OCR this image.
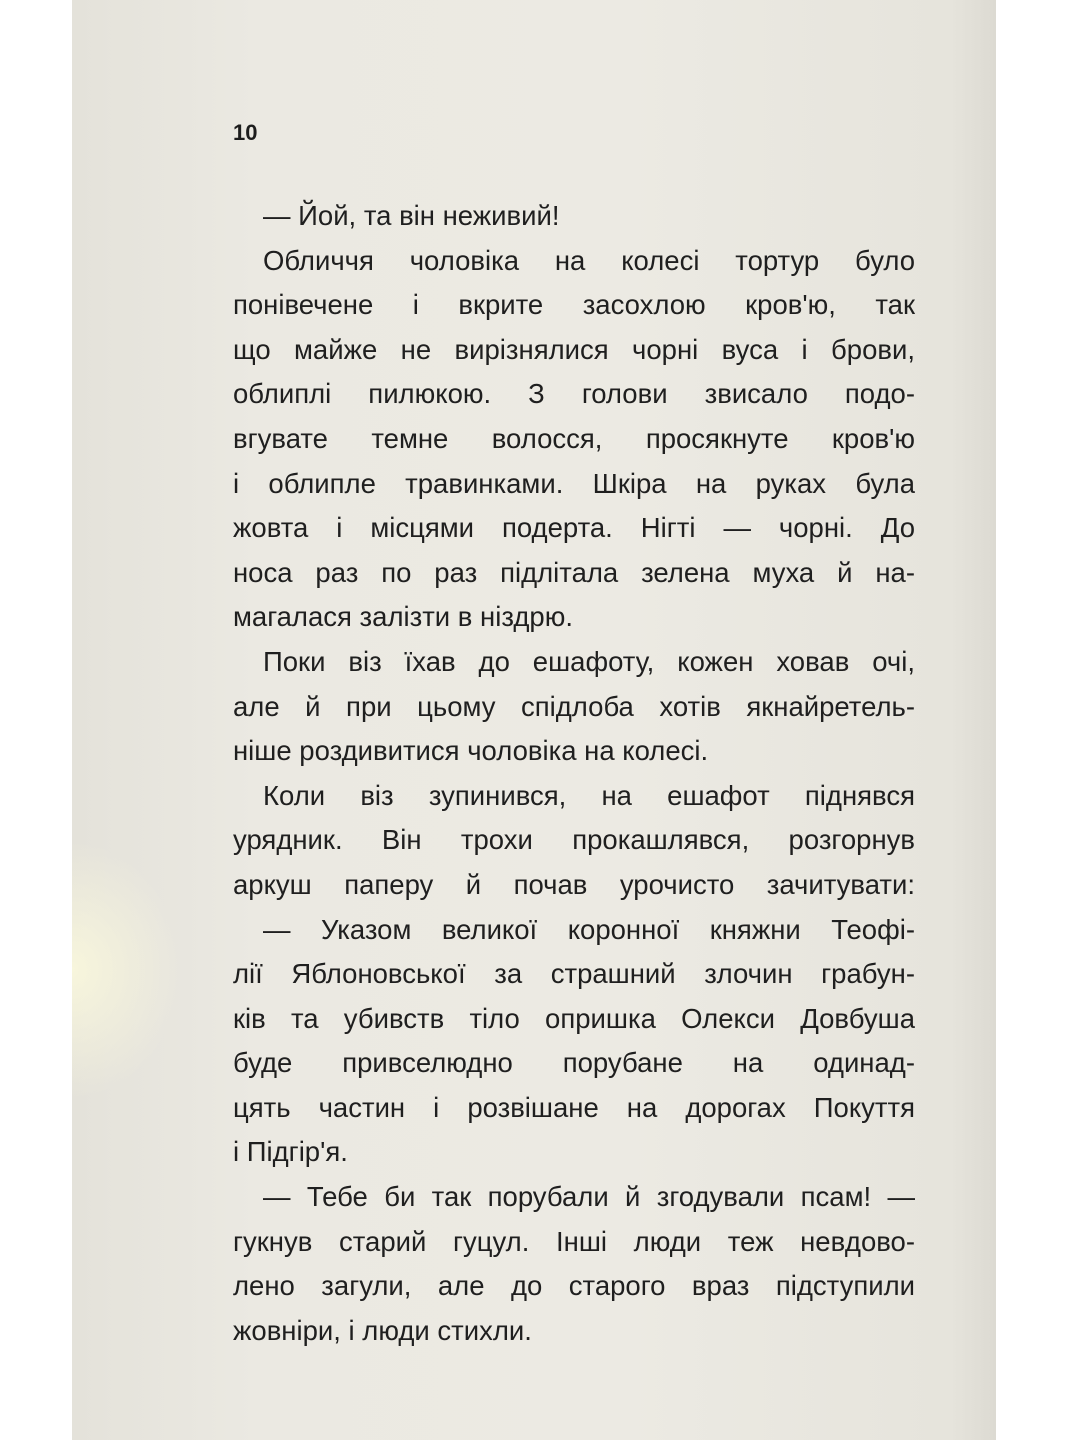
10
— Йой, та він неживий!
Обличчя чоловіка на колесі тортур було
понівечене і вкрите засохлою кров'ю, так
що майже не вирізнялися чорні вуса і брови,
облиплі пилюкою. З голови звисало подо-
вгувате темне волосся, просякнуте кров'ю
і облипле травинками. Шкіра на руках була
жовта і місцями подерта. Нігті — чорні. До
носа раз по раз підлітала зелена муха й на-
магалася залізти в ніздрю.
Поки віз їхав до ешафоту, кожен ховав очі,
але й при цьому спідлоба хотів якнайретель-
ніше роздивитися чоловіка на колесі.
Коли віз зупинився, на ешафот піднявся
урядник. Він трохи прокашлявся, розгорнув
аркуш паперу й почав урочисто зачитувати:
— Указом великої коронної княжни Теофі-
лії Яблоновської за страшний злочин грабун-
ків та убивств тіло опришка Олекси Довбуша
буде привселюдно порубане на одинад-
цять частин і розвішане на дорогах Покуття
і Підгір'я.
— Тебе би так порубали й згодували псам! —
гукнув старий гуцул. Інші люди теж невдово-
лено загули, але до старого враз підступили
жовніри, і люди стихли.
